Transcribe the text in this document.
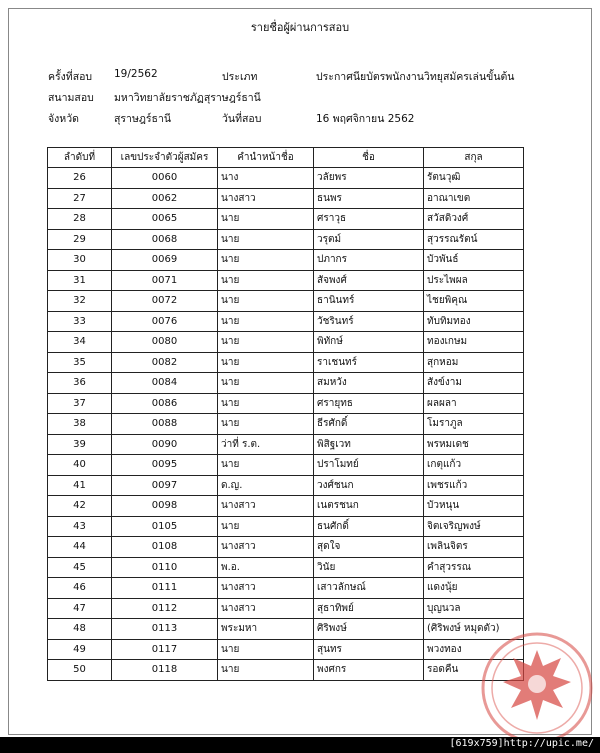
รายชื่อผู้ผ่านการสอบ
ครั้งที่สอบ 19/2562	ประเภท	ประกาศนียบัตรพนักงานวิทยุสมัครเล่นขั้นต้น
สนามสอบ มหาวิทยาลัยราชภัฏสุราษฎร์ธานี
จังหวัด	สุราษฎร์ธานี	วันที่สอบ	16 พฤศจิกายน 2562
ลำดับที่	เลขประจำตัวผู้สมัคร	คำนำหน้าชื่อ	ชื่อ	สกุล
26	0060	นาง	วลัยพร	รัตนวุฒิ
27	0062	นางสาว	ธนพร	อาณาเขต
28	0065	นาย	ศราวุธ	สวัสดิวงศ์
29	0068	นาย	วรุตม์	สุวรรณรัตน์
30	0069	นาย	ปภากร	บัวพันธ์
31	0071	นาย	สัจพงศ์	ประไพผล
32	0072	นาย	ธานินทร์	ไชยพิคุณ
33	0076	นาย	วัชรินทร์	ทับทิมทอง
34	0080	นาย	พิทักษ์	ทองเกษม
35	0082	นาย	ราเชนทร์	สุกหอม
36	0084	นาย	สมหวัง	สังข์งาม
37	0086	นาย	ศรายุทธ	ผลผลา
38	0088	นาย	ธีรศักดิ์	โมราภูล
39	0090	ว่าที่ ร.ต.	พิสิฐเวท	พรหมเดช
40	0095	นาย	ปราโมทย์	เกตุแก้ว
41	0097	ด.ญ.	วงศ์ชนก	เพชรแก้ว
42	0098	นางสาว	เนตรชนก	บัวหนุน
43	0105	นาย	ธนศักดิ์	จิตเจริญพงษ์
44	0108	นางสาว	สุดใจ	เพลินจิตร
45	0110	พ.อ.	วินัย	คำสุวรรณ
46	0111	นางสาว	เสาวลักษณ์	แดงนุ้ย
47	0112	นางสาว	สุธาทิพย์	บุญนวล
48	0113	พระมหา	ศิริพงษ์	(ศิริพงษ์ หมุดตัว)
49	0117	นาย	สุนทร	พวงทอง
50	0118	นาย	พงศกร	รอดคืน
[619x759]http://upic.me/
